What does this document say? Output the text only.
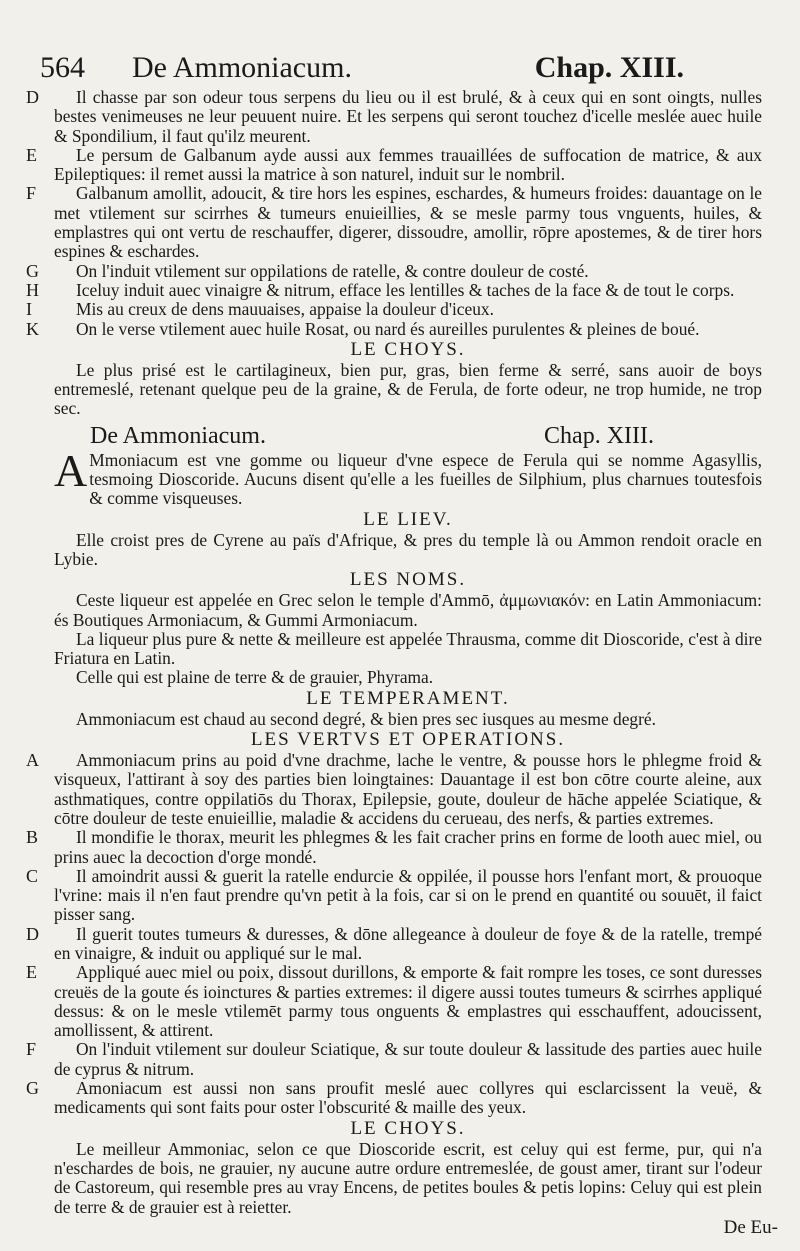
564	De Ammoniacum.	Chap. XIII.
D Il chasse par son odeur tous serpens du lieu ou il est brulé, & à ceux qui en sont oingts, nulles bestes venimeuses ne leur peuuent nuire. Et les serpens qui seront touchez d'icelle meslée auec huile & Spondilium, il faut qu'ilz meurent.
E Le persum de Galbanum ayde aussi aux femmes trauaillées de suffocation de matrice, & aux Epileptiques: il remet aussi la matrice à son naturel, induit sur le nombril.
F Galbanum amollit, adoucit, & tire hors les espines, eschardes, & humeurs froides: dauantage on le met vtilement sur scirrhes & tumeurs enuieillies, & se mesle parmy tous vnguents, huiles, & emplastres qui ont vertu de reschauffer, digerer, dissoudre, amollir, rōpre apostemes, & de tirer hors espines & eschardes.
G On l'induit vtilement sur oppilations de ratelle, & contre douleur de costé.
H Iceluy induit auec vinaigre & nitrum, efface les lentilles & taches de la face & de tout le corps.
I	Mis au creux de dens mauuaises, appaise la douleur d'iceux.
K On le verse vtilement auec huile Rosat, ou nard és aureilles purulentes & pleines de boué.
LE CHOYS.
Le plus prisé est le cartilagineux, bien pur, gras, bien ferme & serré, sans auoir de boys entremeslé, retenant quelque peu de la graine, & de Ferula, de forte odeur, ne trop humide, ne trop sec.
De Ammoniacum.	Chap. XIII.
A Mmoniacum est vne gomme ou liqueur d'vne espece de Ferula qui se nomme Agasyllis, tesmoing Dioscoride. Aucuns disent qu'elle a les fueilles de Silphium, plus charnues toutesfois & comme visqueuses.
LE LIEV.
Elle croist pres de Cyrene au païs d'Afrique, & pres du temple là ou Ammon rendoit oracle en Lybie.
LES NOMS.
Ceste liqueur est appelée en Grec selon le temple d'Ammō, ἀμμωνιακόν: en Latin Ammoniacum: és Boutiques Armoniacum, & Gummi Armoniacum.
La liqueur plus pure & nette & meilleure est appelée Thrausma, comme dit Dioscoride, c'est à dire Friatura en Latin.
Celle qui est plaine de terre & de grauier, Phyrama.
LE TEMPERAMENT.
Ammoniacum est chaud au second degré, & bien pres sec iusques au mesme degré.
LES VERTVS ET OPERATIONS.
A Ammoniacum prins au poid d'vne drachme, lache le ventre, & pousse hors le phlegme froid & visqueux, l'attirant à soy des parties bien loingtaines: Dauantage il est bon cōtre courte aleine, aux asthmatiques, contre oppilatiōs du Thorax, Epilepsie, goute, douleur de hāche appelée Sciatique, & cōtre douleur de teste enuieillie, maladie & accidens du cerueau, des nerfs, & parties extremes.
B Il mondifie le thorax, meurit les phlegmes & les fait cracher prins en forme de looth auec miel, ou prins auec la decoction d'orge mondé.
C Il amoindrit aussi & guerit la ratelle endurcie & oppilée, il pousse hors l'enfant mort, & prouoque l'vrine: mais il n'en faut prendre qu'vn petit à la fois, car si on le prend en quantité ou souuēt, il faict pisser sang.
D Il guerit toutes tumeurs & duresses, & dōne allegeance à douleur de foye & de la ratelle, trempé en vinaigre, & induit ou appliqué sur le mal.
E Appliqué auec miel ou poix, dissout durillons, & emporte & fait rompre les toses, ce sont duresses creuës de la goute és ioinctures & parties extremes: il digere aussi toutes tumeurs & scirrhes appliqué dessus: & on le mesle vtilemēt parmy tous onguents & emplastres qui esschauffent, adoucissent, amollissent, & attirent.
F On l'induit vtilement sur douleur Sciatique, & sur toute douleur & lassitude des parties auec huile de cyprus & nitrum.
G Amoniacum est aussi non sans proufit meslé auec collyres qui esclarcissent la veuë, & medicaments qui sont faits pour oster l'obscurité & maille des yeux.
LE CHOYS.
Le meilleur Ammoniac, selon ce que Dioscoride escrit, est celuy qui est ferme, pur, qui n'a n'eschardes de bois, ne grauier, ny aucune autre ordure entremeslée, de goust amer, tirant sur l'odeur de Castoreum, qui resemble pres au vray Encens, de petites boules & petis lopins: Celuy qui est plein de terre & de grauier est à reietter.
De Eu-
